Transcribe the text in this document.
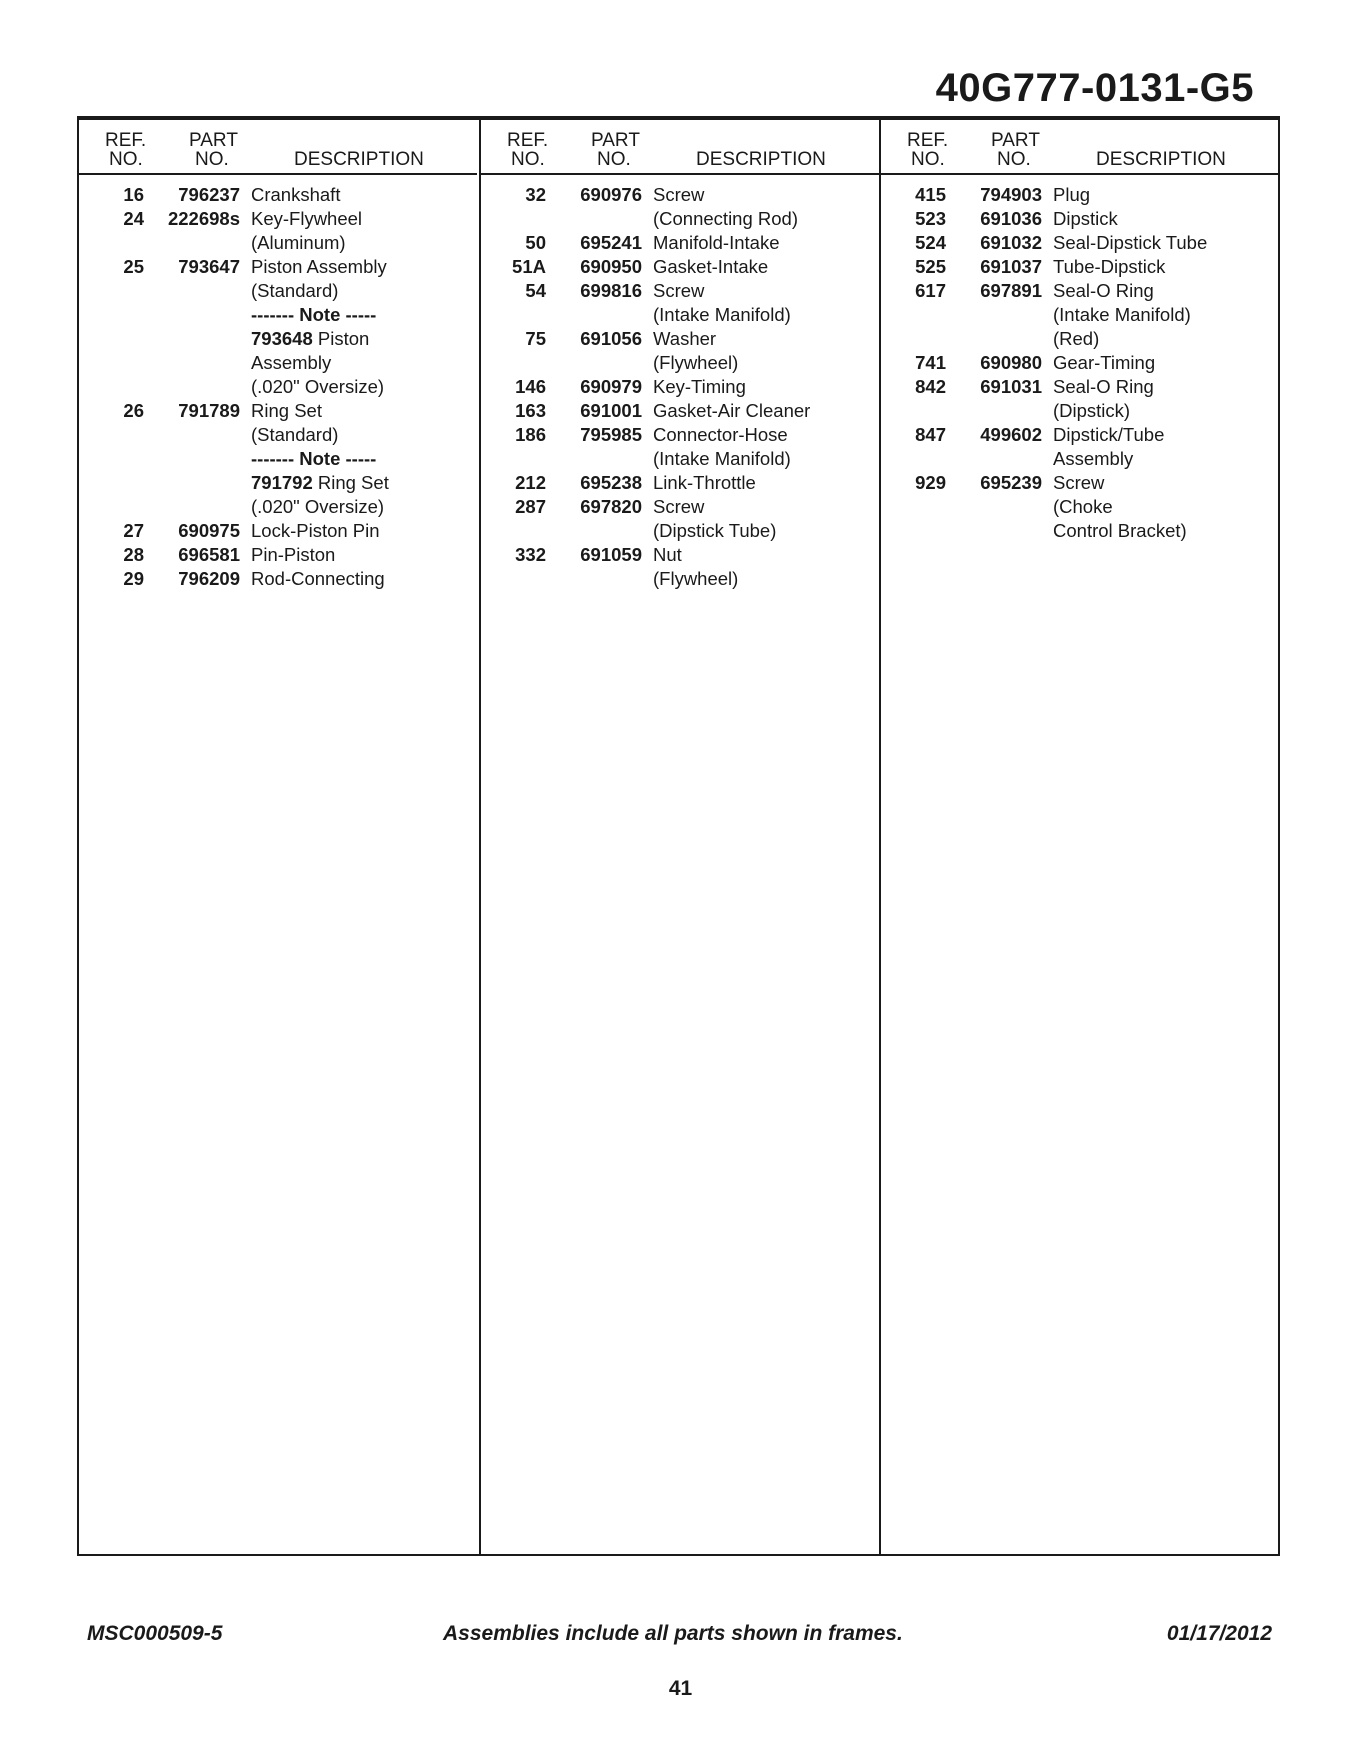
40G777-0131-G5
REF.
NO.
PART
NO.	DESCRIPTION
16	796237 Crankshaft
24	222698s Key-Flywheel
(Aluminum)
25	793647 Piston Assembly
(Standard)
------- Note -----
793648 Piston
Assembly
(.020" Oversize)
26	791789 Ring Set
(Standard)
------- Note -----
791792 Ring Set
(.020" Oversize)
27	690975 Lock-Piston Pin
28	696581 Pin-Piston
29	796209 Rod-Connecting
REF.
NO.
PART
NO.	DESCRIPTION
32	690976 Screw
(Connecting Rod)
50	695241 Manifold-Intake
51A	690950 Gasket-Intake
54	699816 Screw
(Intake Manifold)
75	691056 Washer
(Flywheel)
146	690979 Key-Timing
163	691001 Gasket-Air Cleaner
186	795985 Connector-Hose
(Intake Manifold)
212	695238 Link-Throttle
287	697820 Screw
(Dipstick Tube)
332	691059 Nut
(Flywheel)
REF.
NO.
PART
NO.	DESCRIPTION
415	794903 Plug
523	691036 Dipstick
524	691032 Seal-Dipstick Tube
525	691037 Tube-Dipstick
617	697891 Seal-O Ring
(Intake Manifold)
(Red)
741	690980 Gear-Timing
842	691031 Seal-O Ring
(Dipstick)
847	499602 Dipstick/Tube
Assembly
929	695239 Screw
(Choke
Control Bracket)
MSC000509-5	Assemblies include all parts shown in frames.	01/17/2012
41
